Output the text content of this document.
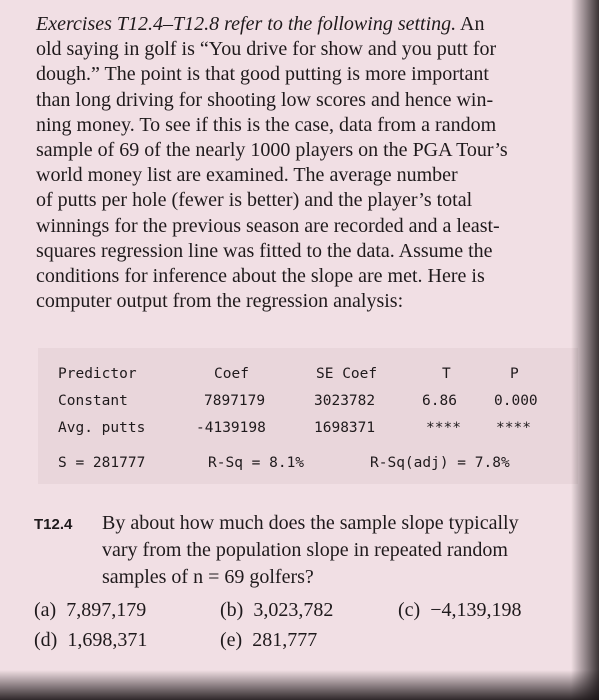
Exercises T12.4–T12.8 refer to the following setting. An
old saying in golf is “You drive for show and you putt for
dough.” The point is that good putting is more important
than long driving for shooting low scores and hence win-
ning money. To see if this is the case, data from a random
sample of 69 of the nearly 1000 players on the PGA Tour’s
world money list are examined. The average number
of putts per hole (fewer is better) and the player’s total
winnings for the previous season are recorded and a least-
squares regression line was fitted to the data. Assume the
conditions for inference about the slope are met. Here is
computer output from the regression analysis:
Predictor	Coef	SE Coef	T	P
Constant	7897179	3023782	6.86	0.000
Avg. putts	-4139198	1698371	**** ****
S = 281777	R-Sq = 8.1%	R-Sq(adj) = 7.8%
T12.4 By about how much does the sample slope typically
vary from the population slope in repeated random
samples of n = 69 golfers?
(a) 7,897,179	(b) 3,023,782	(c) −4,139,198
(d) 1,698,371	(e) 281,777
